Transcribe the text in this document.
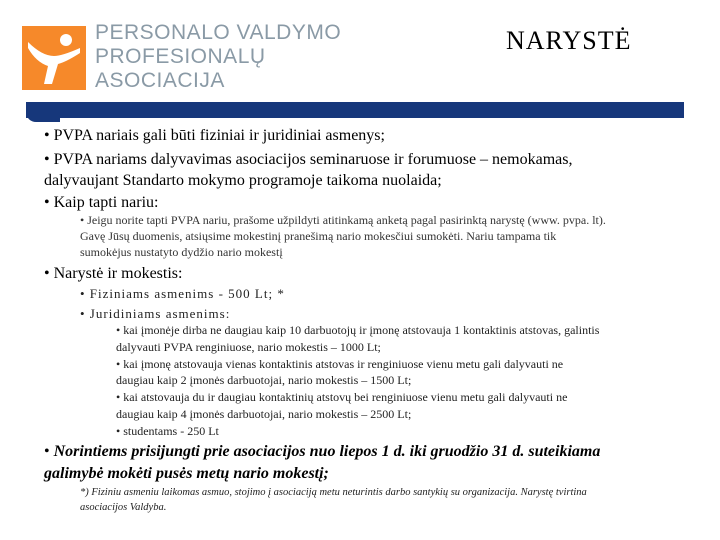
PERSONALO VALDYMO
PROFESIONALŲ
ASOCIACIJA
NARYSTĖ
• PVPA nariais gali būti fiziniai ir juridiniai asmenys;
• PVPA nariams dalyvavimas asociacijos seminaruose ir forumuose – nemokamas,
dalyvaujant Standarto mokymo programoje taikoma nuolaida;
• Kaip tapti nariu:
• Jeigu norite tapti PVPA nariu, prašome užpildyti atitinkamą anketą pagal pasirinktą narystę (www. pvpa. lt).
Gavę Jūsų duomenis, atsiųsime mokestinį pranešimą nario mokesčiui sumokėti. Nariu tampama tik
sumokėjus nustatyto dydžio nario mokestį
• Narystė ir mokestis:
• Fiziniams asmenims - 500 Lt; *
• Juridiniams asmenims:
• kai įmonėje dirba ne daugiau kaip 10 darbuotojų ir įmonę atstovauja 1 kontaktinis atstovas, galintis
dalyvauti PVPA renginiuose, nario mokestis – 1000 Lt;
• kai įmonę atstovauja vienas kontaktinis atstovas ir renginiuose vienu metu gali dalyvauti ne
daugiau kaip 2 įmonės darbuotojai, nario mokestis – 1500 Lt;
• kai atstovauja du ir daugiau kontaktinių atstovų bei renginiuose vienu metu gali dalyvauti ne
daugiau kaip 4 įmonės darbuotojai, nario mokestis – 2500 Lt;
• studentams - 250 Lt
• Norintiems prisijungti prie asociacijos nuo liepos 1 d. iki gruodžio 31 d. suteikiama
galimybė mokėti pusės metų nario mokestį;
*) Fiziniu asmeniu laikomas asmuo, stojimo į asociaciją metu neturintis darbo santykių su organizacija. Narystę tvirtina
asociacijos Valdyba.
